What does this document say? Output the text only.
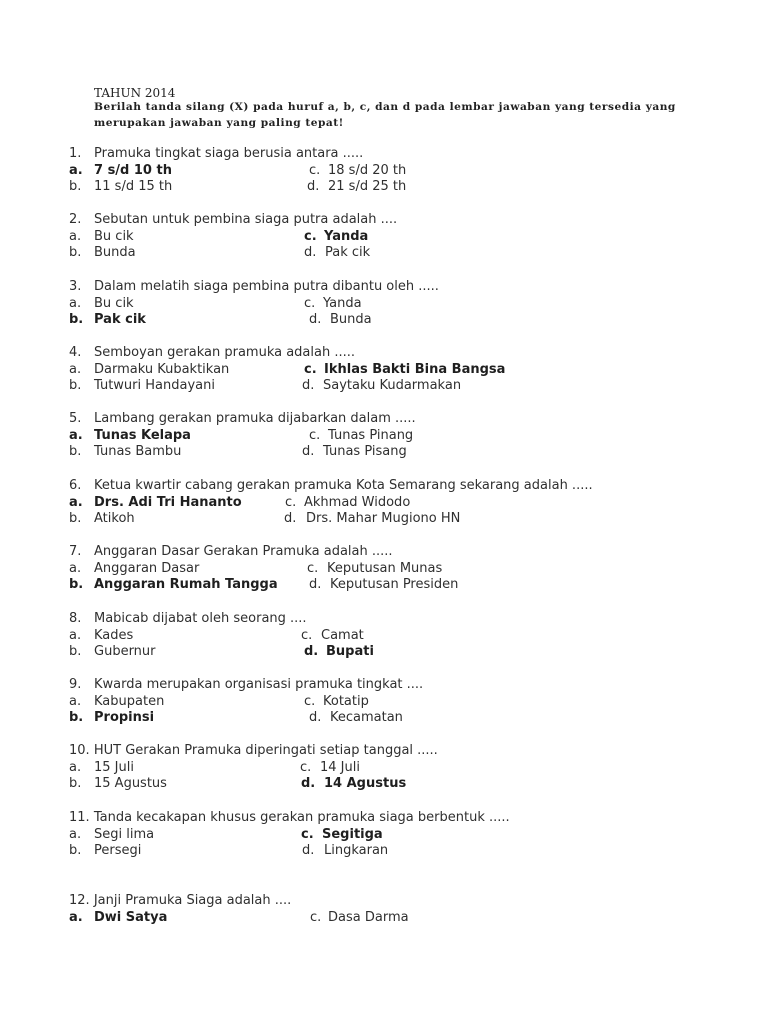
TAHUN 2014
Berilah tanda silang (X) pada huruf a, b, c, dan d pada lembar jawaban yang tersedia yang merupakan jawaban yang paling tepat!
1. Pramuka tingkat siaga berusia antara .....
a. 7 s/d 10 th	c. 18 s/d 20 th
b. 11 s/d 15 th	d. 21 s/d 25 th
2. Sebutan untuk pembina siaga putra adalah ....
a. Bu cik	c. Yanda
b. Bunda	d. Pak cik
3. Dalam melatih siaga pembina putra dibantu oleh .....
a. Bu cik	c. Yanda
b. Pak cik	d. Bunda
4. Semboyan gerakan pramuka adalah .....
a. Darmaku Kubaktikan	c. Ikhlas Bakti Bina Bangsa
b. Tutwuri Handayani	d. Saytaku Kudarmakan
5. Lambang gerakan pramuka dijabarkan dalam .....
a. Tunas Kelapa	c. Tunas Pinang
b. Tunas Bambu	d. Tunas Pisang
6. Ketua kwartir cabang gerakan pramuka Kota Semarang sekarang adalah .....
a. Drs. Adi Tri Hananto	c. Akhmad Widodo
b. Atikoh	d. Drs. Mahar Mugiono HN
7. Anggaran Dasar Gerakan Pramuka adalah .....
a. Anggaran Dasar	c. Keputusan Munas
b. Anggaran Rumah Tangga d. Keputusan Presiden
8. Mabicab dijabat oleh seorang ....
a. Kades	c. Camat
b. Gubernur	d. Bupati
9. Kwarda merupakan organisasi pramuka tingkat ....
a. Kabupaten	c. Kotatip
b. Propinsi	d. Kecamatan
10. HUT Gerakan Pramuka diperingati setiap tanggal .....
a. 15 Juli	c. 14 Juli
b. 15 Agustus	d. 14 Agustus
11. Tanda kecakapan khusus gerakan pramuka siaga berbentuk .....
a. Segi lima	c. Segitiga
b. Persegi	d. Lingkaran
12. Janji Pramuka Siaga adalah ....
a. Dwi Satya	c. Dasa Darma
